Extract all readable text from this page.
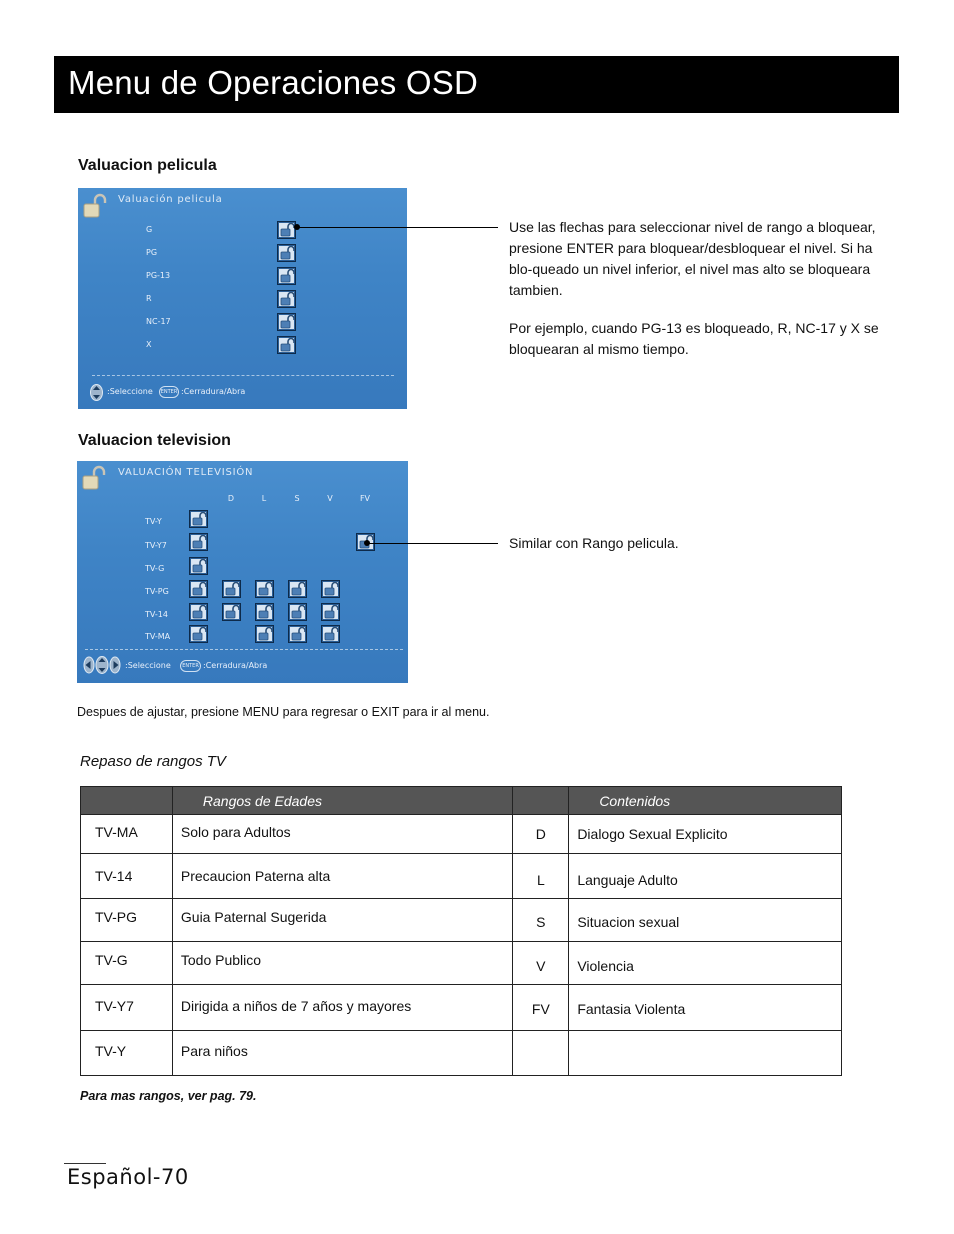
Menu de Operaciones OSD
Valuacion pelicula
Valuación pelicula
G
PG
PG-13
R
NC-17
X
:Seleccione	ENTER :Cerradura/Abra
Use las flechas para seleccionar nivel de rango a bloquear, presione ENTER para bloquear/desbloquear el nivel. Si ha blo-queado un nivel inferior, el nivel mas alto se bloqueara tambien.
Por ejemplo, cuando PG-13 es bloqueado, R, NC-17 y X se bloquearan al mismo tiempo.
Valuacion television
VALUACIÓN TELEVISIÓN
D	L	S	V	FV
TV-Y
TV-Y7
TV-G
TV-PG
TV-14
TV-MA
:Seleccione	ENTER :Cerradura/Abra
Similar con Rango pelicula.
Despues de ajustar, presione MENU para regresar o EXIT para ir al menu.
Repaso de rangos TV
	Rangos de Edades		Contenidos
TV-MA	Solo para Adultos	D	Dialogo Sexual Explicito
TV-14	Precaucion Paterna alta	L	Languaje Adulto
TV-PG	Guia Paternal Sugerida	S	Situacion sexual
TV-G	Todo Publico	V	Violencia
TV-Y7	Dirigida a niños de 7 años y mayores	FV	Fantasia Violenta
TV-Y	Para niños		
Para mas rangos, ver pag. 79.
Español-70
